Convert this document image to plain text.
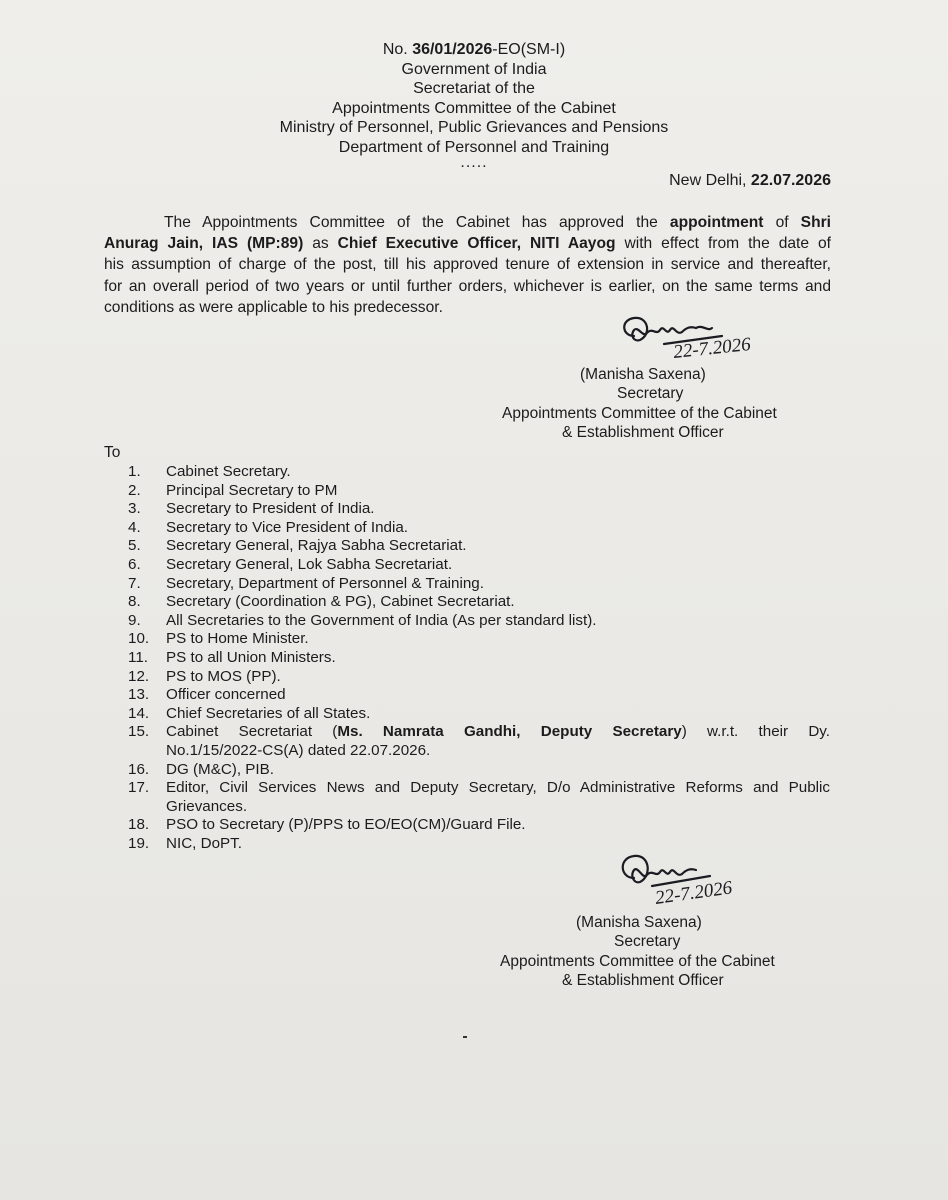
No. 36/01/2026-EO(SM-I)
Government of India
Secretariat of the
Appointments Committee of the Cabinet
Ministry of Personnel, Public Grievances and Pensions
Department of Personnel and Training
.....
New Delhi, 22.07.2026
The Appointments Committee of the Cabinet has approved the appointment of Shri
Anurag Jain, IAS (MP:89) as Chief Executive Officer, NITI Aayog with effect from the date of
his assumption of charge of the post, till his approved tenure of extension in service and thereafter,
for an overall period of two years or until further orders, whichever is earlier, on the same terms and
conditions as were applicable to his predecessor.
22-7.2026
(Manisha Saxena)
Secretary
Appointments Committee of the Cabinet
& Establishment Officer
To
1.	Cabinet Secretary.
2.	Principal Secretary to PM
3.	Secretary to President of India.
4.	Secretary to Vice President of India.
5.	Secretary General, Rajya Sabha Secretariat.
6.	Secretary General, Lok Sabha Secretariat.
7.	Secretary, Department of Personnel & Training.
8.	Secretary (Coordination & PG), Cabinet Secretariat.
9.	All Secretaries to the Government of India (As per standard list).
10.	PS to Home Minister.
11.	PS to all Union Ministers.
12.	PS to MOS (PP).
13.	Officer concerned
14.	Chief Secretaries of all States.
15.	Cabinet Secretariat (Ms. Namrata Gandhi, Deputy Secretary) w.r.t. their Dy.
No.1/15/2022-CS(A) dated 22.07.2026.
16.	DG (M&C), PIB.
17.	Editor, Civil Services News and Deputy Secretary, D/o Administrative Reforms and Public
Grievances.
18.	PSO to Secretary (P)/PPS to EO/EO(CM)/Guard File.
19.	NIC, DoPT.
22-7.2026
(Manisha Saxena)
Secretary
Appointments Committee of the Cabinet
& Establishment Officer
